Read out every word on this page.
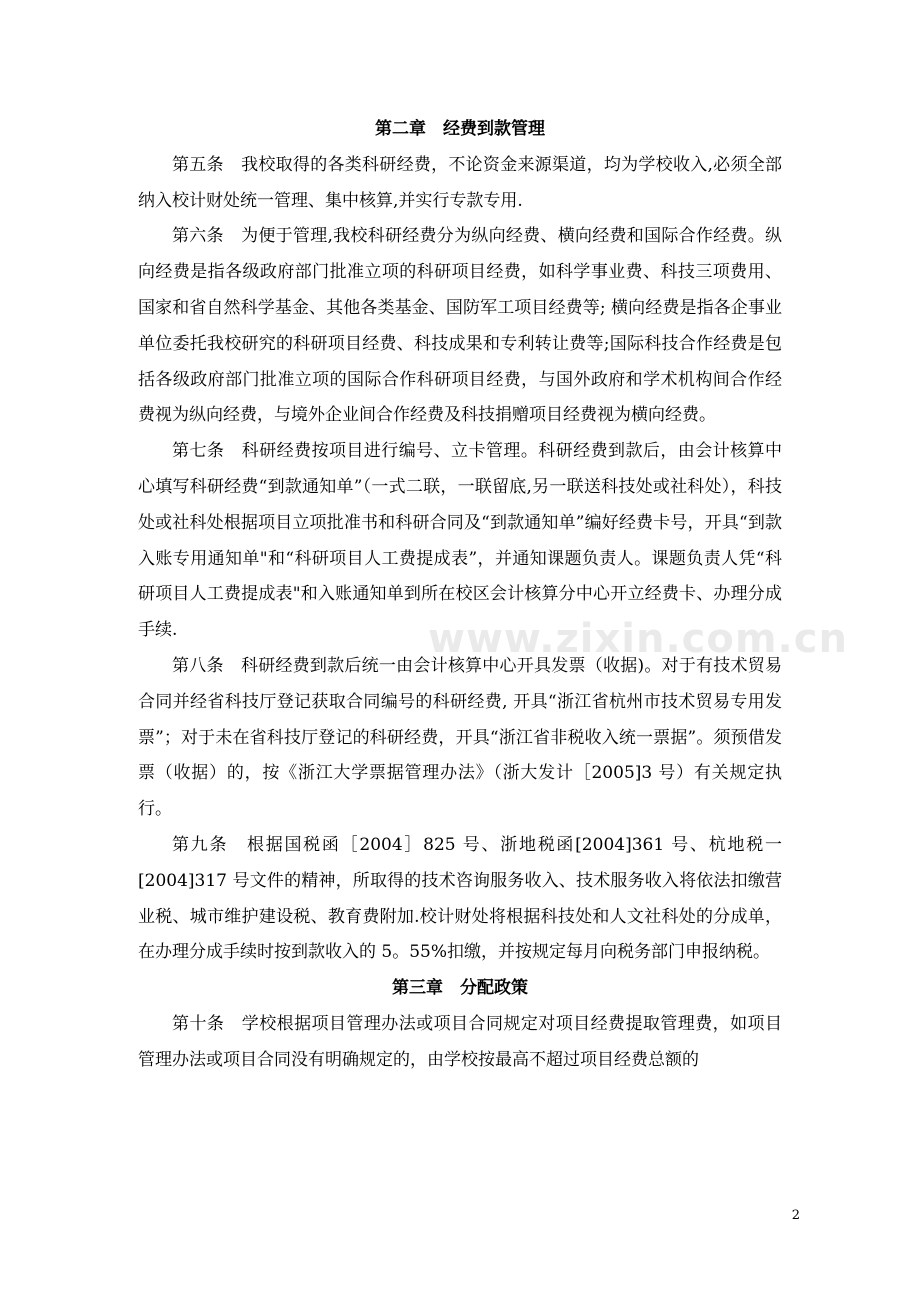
www.zixin.com.cn
第二章　经费到款管理

第五条　我校取得的各类科研经费，不论资金来源渠道，均为学校收入,必须全部纳入校计财处统一管理、集中核算,并实行专款专用.

第六条　为便于管理,我校科研经费分为纵向经费、横向经费和国际合作经费。纵向经费是指各级政府部门批准立项的科研项目经费，如科学事业费、科技三项费用、国家和省自然科学基金、其他各类基金、国防军工项目经费等; 横向经费是指各企事业单位委托我校研究的科研项目经费、科技成果和专利转让费等;国际科技合作经费是包括各级政府部门批准立项的国际合作科研项目经费，与国外政府和学术机构间合作经费视为纵向经费，与境外企业间合作经费及科技捐赠项目经费视为横向经费。

第七条　科研经费按项目进行编号、立卡管理。科研经费到款后，由会计核算中心填写科研经费“到款通知单”（一式二联，一联留底,另一联送科技处或社科处），科技处或社科处根据项目立项批准书和科研合同及“到款通知单”编好经费卡号，开具“到款入账专用通知单"和“科研项目人工费提成表”，并通知课题负责人。课题负责人凭“科研项目人工费提成表"和入账通知单到所在校区会计核算分中心开立经费卡、办理分成手续.

第八条　科研经费到款后统一由会计核算中心开具发票（收据)。对于有技术贸易合同并经省科技厅登记获取合同编号的科研经费, 开具“浙江省杭州市技术贸易专用发票”；对于未在省科技厅登记的科研经费，开具“浙江省非税收入统一票据”。须预借发票（收据）的，按《浙江大学票据管理办法》（浙大发计［2005]3 号）有关规定执行。

第九条　根据国税函［2004］825 号、浙地税函[2004]361 号、杭地税一[2004]317 号文件的精神，所取得的技术咨询服务收入、技术服务收入将依法扣缴营业税、城市维护建设税、教育费附加.校计财处将根据科技处和人文社科处的分成单，在办理分成手续时按到款收入的 5。55%扣缴，并按规定每月向税务部门申报纳税。

第三章　分配政策

第十条　学校根据项目管理办法或项目合同规定对项目经费提取管理费，如项目管理办法或项目合同没有明确规定的，由学校按最高不超过项目经费总额的

2
